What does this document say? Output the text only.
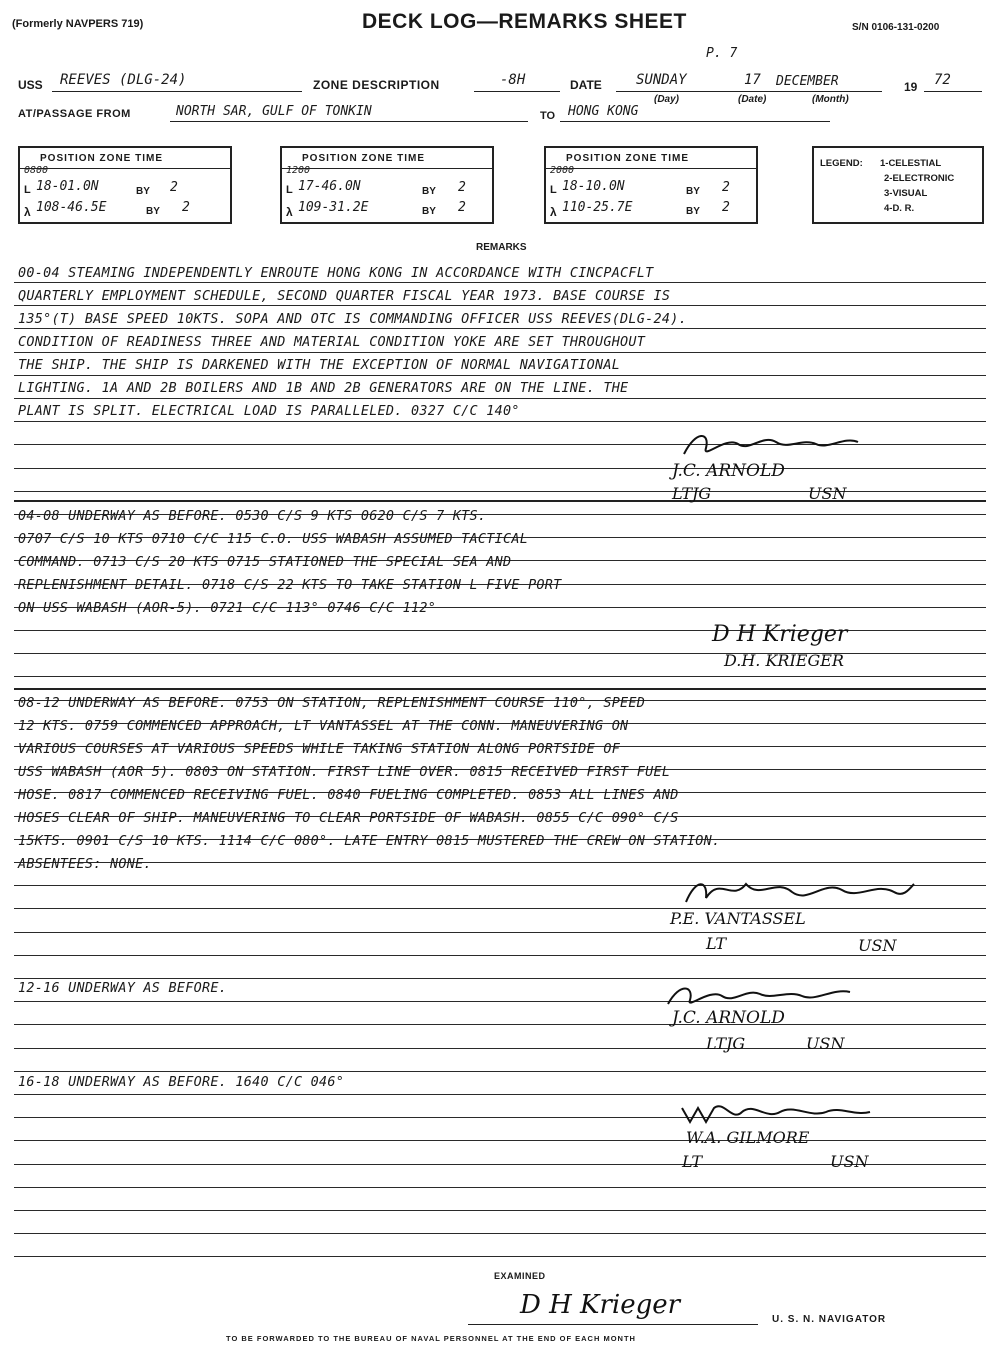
(Formerly NAVPERS 719)	DECK LOG—REMARKS SHEET	S/N 0106-131-0200
P. 7
USS REEVES (DLG-24)	ZONE DESCRIPTION	-8H	DATE SUNDAY	17 DECEMBER	19 72
(Day)	(Date)	(Month)
AT/PASSAGE FROM	NORTH SAR, GULF OF TONKIN	TO HONG KONG
POSITION ZONE TIME
0800
L 18-01.0N	BY 2
λ 108-46.5E	BY 2
POSITION ZONE TIME
1200
L 17-46.0N	BY 2
λ 109-31.2E	BY 2
POSITION ZONE TIME
2000
L 18-10.0N	BY 2
λ 110-25.7E	BY 2
LEGEND: 1-CELESTIAL
2-ELECTRONIC
3-VISUAL
4-D. R.
REMARKS
00-04 STEAMING INDEPENDENTLY ENROUTE HONG KONG IN ACCORDANCE WITH CINCPACFLT
QUARTERLY EMPLOYMENT SCHEDULE, SECOND QUARTER FISCAL YEAR 1973. BASE COURSE IS
135°(T) BASE SPEED 10KTS. SOPA AND OTC IS COMMANDING OFFICER USS REEVES(DLG-24).
CONDITION OF READINESS THREE AND MATERIAL CONDITION YOKE ARE SET THROUGHOUT
THE SHIP. THE SHIP IS DARKENED WITH THE EXCEPTION OF NORMAL NAVIGATIONAL
LIGHTING. 1A AND 2B BOILERS AND 1B AND 2B GENERATORS ARE ON THE LINE. THE
PLANT IS SPLIT. ELECTRICAL LOAD IS PARALLELED. 0327 C/C 140°
J.C. ARNOLD
LTJG	USN
04-08 UNDERWAY AS BEFORE. 0530 C/S 9 KTS 0620 C/S 7 KTS.
0707 C/S 10 KTS 0710 C/C 115 C.O. USS WABASH ASSUMED TACTICAL
COMMAND. 0713 C/S 20 KTS 0715 STATIONED THE SPECIAL SEA AND
REPLENISHMENT DETAIL. 0718 C/S 22 KTS TO TAKE STATION L FIVE PORT
ON USS WABASH (AOR-5). 0721 C/C 113° 0746 C/C 112°
D H Krieger
D.H. KRIEGER
08-12 UNDERWAY AS BEFORE. 0753 ON STATION, REPLENISHMENT COURSE 110°, SPEED
12 KTS. 0759 COMMENCED APPROACH, LT VANTASSEL AT THE CONN. MANEUVERING ON
VARIOUS COURSES AT VARIOUS SPEEDS WHILE TAKING STATION ALONG PORTSIDE OF
USS WABASH (AOR 5). 0803 ON STATION. FIRST LINE OVER. 0815 RECEIVED FIRST FUEL
HOSE. 0817 COMMENCED RECEIVING FUEL. 0840 FUELING COMPLETED. 0853 ALL LINES AND
HOSES CLEAR OF SHIP. MANEUVERING TO CLEAR PORTSIDE OF WABASH. 0855 C/C 090° C/S
15KTS. 0901 C/S 10 KTS. 1114 C/C 080°. LATE ENTRY 0815 MUSTERED THE CREW ON STATION.
ABSENTEES: NONE.
P.E. VANTASSEL
LT	USN
12-16 UNDERWAY AS BEFORE.
J.C. ARNOLD
LTJG	USN
16-18 UNDERWAY AS BEFORE. 1640 C/C 046°
W.A. GILMORE
LT	USN
EXAMINED
D H Krieger	U. S. N. NAVIGATOR
TO BE FORWARDED TO THE BUREAU OF NAVAL PERSONNEL AT THE END OF EACH MONTH
